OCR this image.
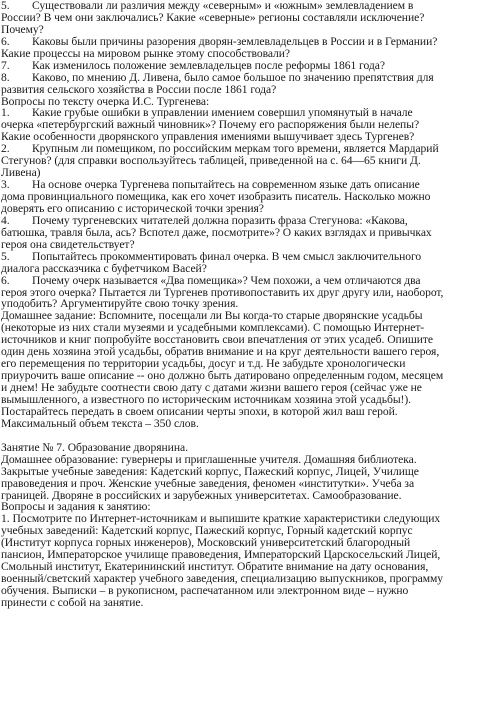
5. Существовали ли различия между «северным» и «южным» землевладением в
России? В чем они заключались? Какие «северные» регионы составляли исключение?
Почему?
6. Каковы были причины разорения дворян-землевладельцев в России и в Германии?
Какие процессы на мировом рынке этому способствовали?
7. Как изменилось положение землевладельцев после реформы 1861 года?
8. Каково, по мнению Д. Ливена, было самое большое по значению препятствия для
развития сельского хозяйства в России после 1861 года?
Вопросы по тексту очерка И.С. Тургенева:
1. Какие грубые ошибки в управлении имением совершил упомянутый в начале
очерка «петербургский важный чиновник»? Почему его распоряжения были нелепы?
Какие особенности дворянского управления имениями вышучивает здесь Тургенев?
2. Крупным ли помещиком, по российским меркам того времени, является Мардарий
Стегунов? (для справки воспользуйтесь таблицей, приведенной на с. 64—65 книги Д.
Ливена)
3. На основе очерка Тургенева попытайтесь на современном языке дать описание
дома провинциального помещика, как его хочет изобразить писатель. Насколько можно
доверять его описанию с исторической точки зрения?
4. Почему тургеневских читателей должна поразить фраза Стегунова: «Какова,
батюшка, травля была, ась? Вспотел даже, посмотрите»? О каких взглядах и привычках
героя она свидетельствует?
5. Попытайтесь прокомментировать финал очерка. В чем смысл заключительного
диалога рассказчика с буфетчиком Васей?
6. Почему очерк называется «Два помещика»? Чем похожи, а чем отличаются два
героя этого очерка? Пытается ли Тургенев противопоставить их друг другу или, наоборот,
уподобить? Аргументируйте свою точку зрения.
Домашнее задание: Вспомните, посещали ли Вы когда-то старые дворянские усадьбы
(некоторые из них стали музеями и усадебными комплексами). С помощью Интернет-
источников и книг попробуйте восстановить свои впечатления от этих усадеб. Опишите
один день хозяина этой усадьбы, обратив внимание и на круг деятельности вашего героя,
его перемещения по территории усадьбы, досуг и т.д. Не забудьте хронологически
приурочить ваше описание -- оно должно быть датировано определенным годом, месяцем
и днем! Не забудьте соотнести свою дату с датами жизни вашего героя (сейчас уже не
вымышленного, а известного по историческим источникам хозяина этой усадьбы!).
Постарайтесь передать в своем описании черты эпохи, в которой жил ваш герой.
Максимальный объем текста – 350 слов.
Занятие № 7. Образование дворянина.
Домашнее образование: гувернеры и приглашенные учителя. Домашняя библиотека.
Закрытые учебные заведения: Кадетский корпус, Пажеский корпус, Лицей, Училище
правоведения и проч. Женские учебные заведения, феномен «институтки». Учеба за
границей. Дворяне в российских и зарубежных университетах. Самообразование.
Вопросы и задания к занятию:
1. Посмотрите по Интернет-источникам и выпишите краткие характеристики следующих
учебных заведений: Кадетский корпус, Пажеский корпус, Горный кадетский корпус
(Институт корпуса горных инженеров), Московский университетский благородный
пансион, Императорское училище правоведения, Императорский Царскосельский Лицей,
Смольный институт, Екатерининский институт. Обратите внимание на дату основания,
военный/светский характер учебного заведения, специализацию выпускников, программу
обучения. Выписки – в рукописном, распечатанном или электронном виде – нужно
принести с собой на занятие.
